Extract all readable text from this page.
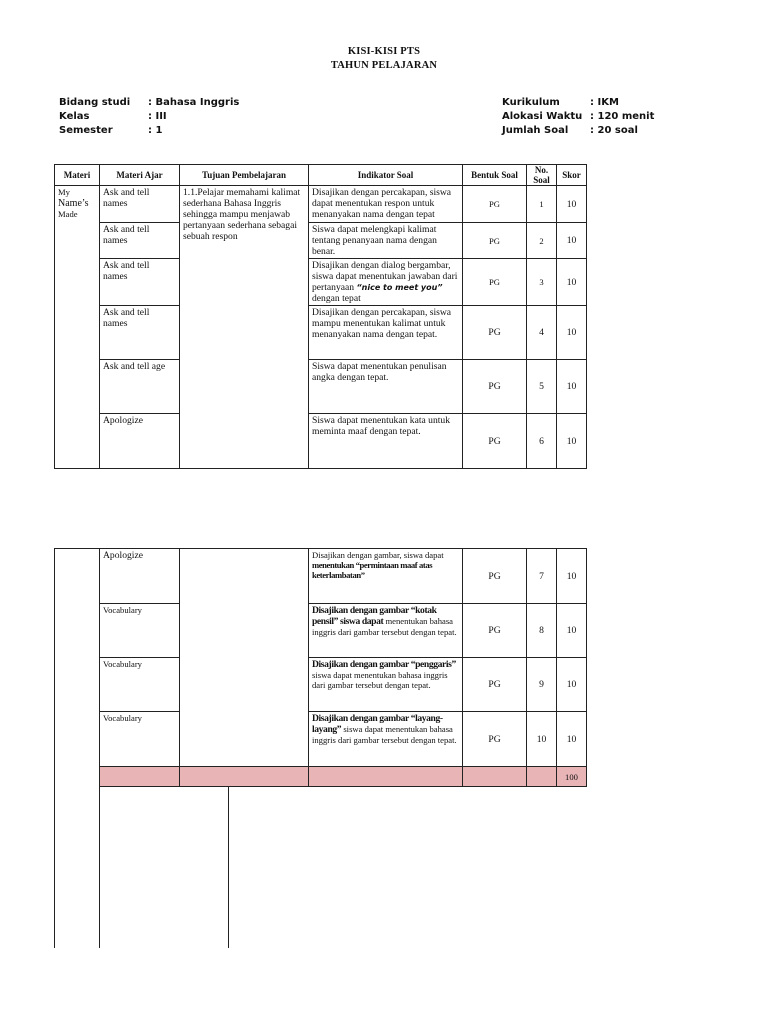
KISI-KISI PTS
TAHUN PELAJARAN
Bidang studi	: Bahasa Inggris
Kelas	: III
Semester	: 1
Kurikulum	: IKM
Alokasi Waktu : 120 menit
Jumlah Soal	: 20 soal
Materi	Materi Ajar	Tujuan Pembelajaran	Indikator Soal	Bentuk Soal	No. Soal	Skor

My
Name’s
Made	Ask and tell names	1.1.Pelajar memahami kalimat sederhana Bahasa Inggris sehingga mampu menjawab pertanyaan sederhana sebagai sebuah respon	Disajikan dengan percakapan, siswa dapat menentukan respon untuk menanyakan nama dengan tepat	PG	1	10
	Ask and tell names		Siswa dapat melengkapi kalimat tentang penanyaan nama dengan benar.	PG	2	10
	Ask and tell names		Disajikan dengan dialog bergambar, siswa dapat menentukan jawaban dari pertanyaan “nice to meet you” dengan tepat	PG	3	10
	Ask and tell names		Disajikan dengan percakapan, siswa mampu menentukan kalimat untuk menanyakan nama dengan tepat.	PG	4	10
	Ask and tell age		Siswa dapat menentukan penulisan angka dengan tepat.	PG	5	10
	Apologize		Siswa dapat menentukan kata untuk meminta maaf dengan tepat.	PG	6	10
	Apologize		Disajikan dengan gambar, siswa dapat menentukan “permintaan maaf atas keterlambatan”	PG	7	10
	Vocabulary		Disajikan dengan gambar “kotak pensil” siswa dapat menentukan bahasa inggris dari gambar tersebut dengan tepat.	PG	8	10
	Vocabulary		Disajikan dengan gambar “penggaris” siswa dapat menentukan bahasa inggris dari gambar tersebut dengan tepat.	PG	9	10
	Vocabulary		Disajikan dengan gambar “layang-layang” siswa dapat menentukan bahasa inggris dari gambar tersebut dengan tepat.	PG	10	10
						100
